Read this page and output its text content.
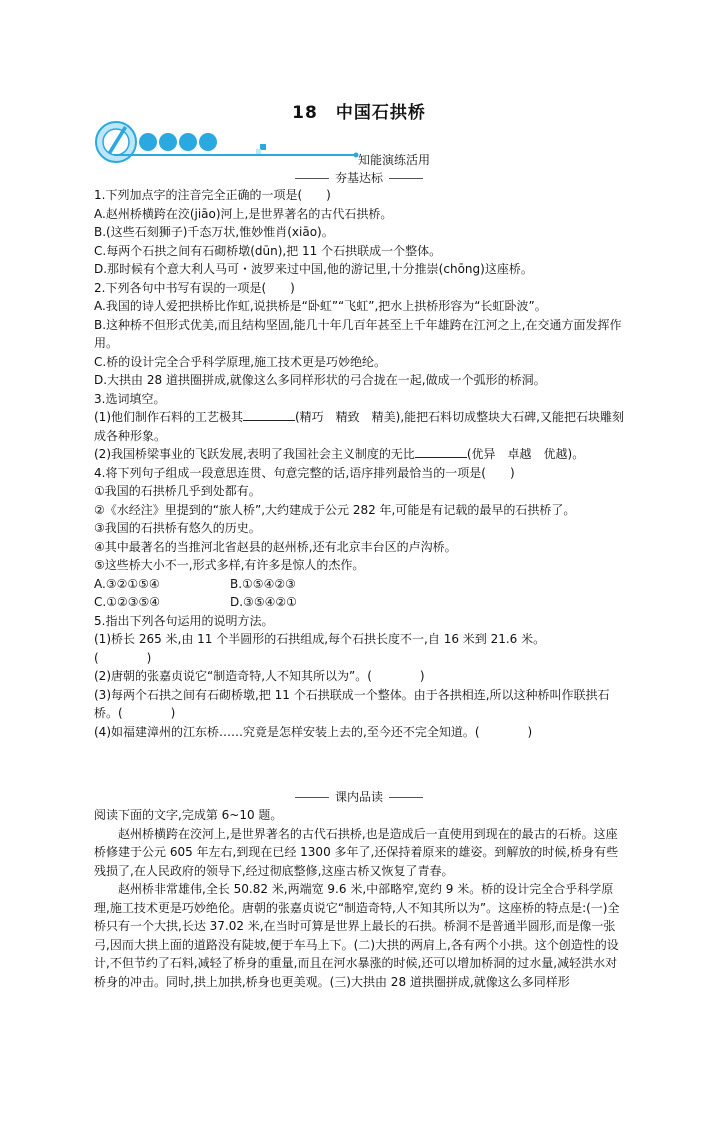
18　中国石拱桥
知能演练活用
夯基达标

1.下列加点字的注音完全正确的一项是(　　)

A.赵州桥横跨在洨(jiāo)河上,是世界著名的古代石拱桥。

B.(这些石刻狮子)千态万状,惟妙惟肖(xiāo)。

C.每两个石拱之间有石砌桥墩(dūn),把 11 个石拱联成一个整体。

D.那时候有个意大利人马可・波罗来过中国,他的游记里,十分推崇(chōng)这座桥。

2.下列各句中书写有误的一项是(　　)

A.我国的诗人爱把拱桥比作虹,说拱桥是“卧虹”“飞虹”,把水上拱桥形容为“长虹卧波”。

B.这种桥不但形式优美,而且结构坚固,能几十年几百年甚至上千年雄跨在江河之上,在交通方面发挥作用。

C.桥的设计完全合乎科学原理,施工技术更是巧妙绝纶。

D.大拱由 28 道拱圈拼成,就像这么多同样形状的弓合拢在一起,做成一个弧形的桥洞。

3.选词填空。

(1)他们制作石料的工艺极其	(精巧　精致　精美),能把石料切成整块大石碑,又能把石块雕刻成各种形象。

(2)我国桥梁事业的飞跃发展,表明了我国社会主义制度的无比	(优异　卓越　优越)。

4.将下列句子组成一段意思连贯、句意完整的话,语序排列最恰当的一项是(　　)

①我国的石拱桥几乎到处都有。

②《水经注》里提到的“旅人桥”,大约建成于公元 282 年,可能是有记载的最早的石拱桥了。

③我国的石拱桥有悠久的历史。

④其中最著名的当推河北省赵县的赵州桥,还有北京丰台区的卢沟桥。

⑤这些桥大小不一,形式多样,有许多是惊人的杰作。

A.③②①⑤④	B.①⑤④②③

C.①②③⑤④	D.③⑤④②①

5.指出下列各句运用的说明方法。

(1)桥长 265 米,由 11 个半圆形的石拱组成,每个石拱长度不一,自 16 米到 21.6 米。

(　　　　)

(2)唐朝的张嘉贞说它“制造奇特,人不知其所以为”。(　　　　)

(3)每两个石拱之间有石砌桥墩,把 11 个石拱联成一个整体。由于各拱相连,所以这种桥叫作联拱石桥。(　　　　)

(4)如福建漳州的江东桥……究竟是怎样安装上去的,至今还不完全知道。(　　　　)

课内品读

阅读下面的文字,完成第 6~10 题。

赵州桥横跨在洨河上,是世界著名的古代石拱桥,也是造成后一直使用到现在的最古的石桥。这座桥修建于公元 605 年左右,到现在已经 1300 多年了,还保持着原来的雄姿。到解放的时候,桥身有些残损了,在人民政府的领导下,经过彻底整修,这座古桥又恢复了青春。

赵州桥非常雄伟,全长 50.82 米,两端宽 9.6 米,中部略窄,宽约 9 米。桥的设计完全合乎科学原理,施工技术更是巧妙绝伦。唐朝的张嘉贞说它“制造奇特,人不知其所以为”。这座桥的特点是:(一)全桥只有一个大拱,长达 37.02 米,在当时可算是世界上最长的石拱。桥洞不是普通半圆形,而是像一张弓,因而大拱上面的道路没有陡坡,便于车马上下。(二)大拱的两肩上,各有两个小拱。这个创造性的设计,不但节约了石料,减轻了桥身的重量,而且在河水暴涨的时候,还可以增加桥洞的过水量,减轻洪水对桥身的冲击。同时,拱上加拱,桥身也更美观。(三)大拱由 28 道拱圈拼成,就像这么多同样形
